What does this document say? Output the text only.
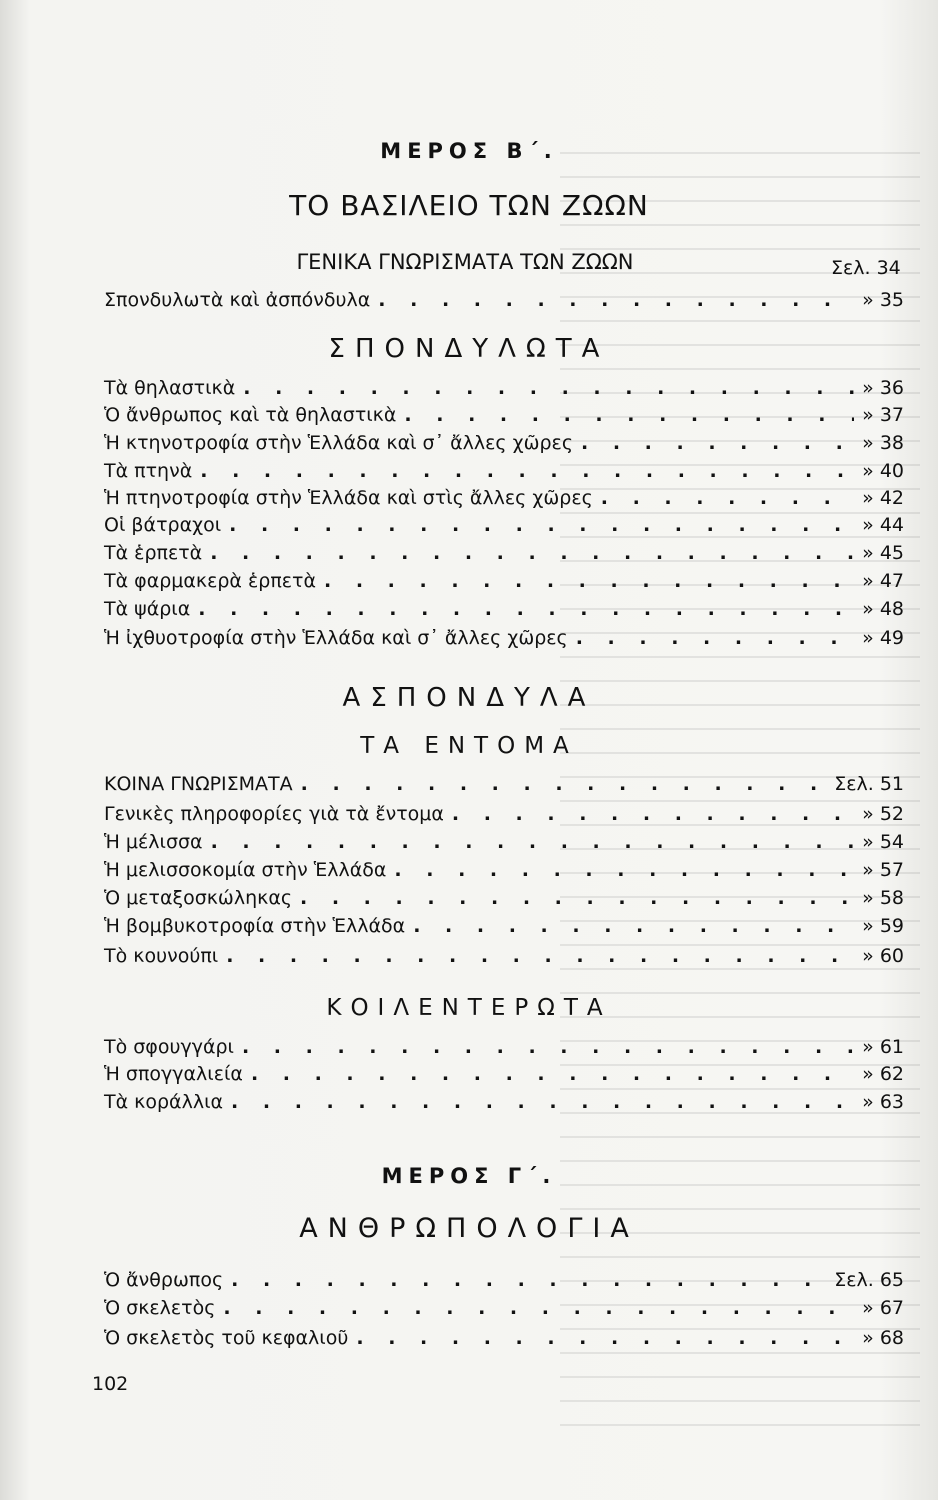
ΜΕΡΟΣ Β΄.
ΤΟ ΒΑΣΙΛΕΙΟ ΤΩΝ ΖΩΩΝ
ΓΕΝΙΚΑ ΓΝΩΡΙΣΜΑΤΑ ΤΩΝ ΖΩΩΝ	Σελ. 34
Σπονδυλωτὰ καὶ ἀσπόνδυλα . . .	» 35
ΣΠΟΝΔΥΛΩΤΑ
Τὰ θηλαστικὰ . . .	» 36
Ὁ ἄνθρωπος καὶ τὰ θηλαστικὰ . . .	» 37
Ἡ κτηνοτροφία στὴν Ἑλλάδα καὶ σ᾽ ἄλλες χῶρες . . .	» 38
Τὰ πτηνὰ . . .	» 40
Ἡ πτηνοτροφία στὴν Ἑλλάδα καὶ στὶς ἄλλες χῶρες . . .	» 42
Οἱ βάτραχοι . . .	» 44
Τὰ ἑρπετὰ . . .	» 45
Τὰ φαρμακερὰ ἑρπετὰ . . .	» 47
Τὰ ψάρια . . .	» 48
Ἡ ἰχθυοτροφία στὴν Ἑλλάδα καὶ σ᾽ ἄλλες χῶρες . . .	» 49
ΑΣΠΟΝΔΥΛΑ
ΤΑ ΕΝΤΟΜΑ
ΚΟΙΝΑ ΓΝΩΡΙΣΜΑΤΑ . . .	Σελ. 51
Γενικὲς πληροφορίες γιὰ τὰ ἔντομα . . .	» 52
Ἡ μέλισσα . . .	» 54
Ἡ μελισσοκομία στὴν Ἑλλάδα . . .	» 57
Ὁ μεταξοσκώληκας . . .	» 58
Ἡ βομβυκοτροφία στὴν Ἑλλάδα . . .	» 59
Τὸ κουνούπι . . .	» 60
ΚΟΙΛΕΝΤΕΡΩΤΑ
Τὸ σφουγγάρι . . .	» 61
Ἡ σπογγαλιεία . . .	» 62
Τὰ κοράλλια . . .	» 63
ΜΕΡΟΣ Γ΄.
ΑΝΘΡΩΠΟΛΟΓΙΑ
Ὁ ἄνθρωπος . . .	Σελ. 65
Ὁ σκελετὸς . . .	» 67
Ὁ σκελετὸς τοῦ κεφαλιοῦ . . .	» 68
102
